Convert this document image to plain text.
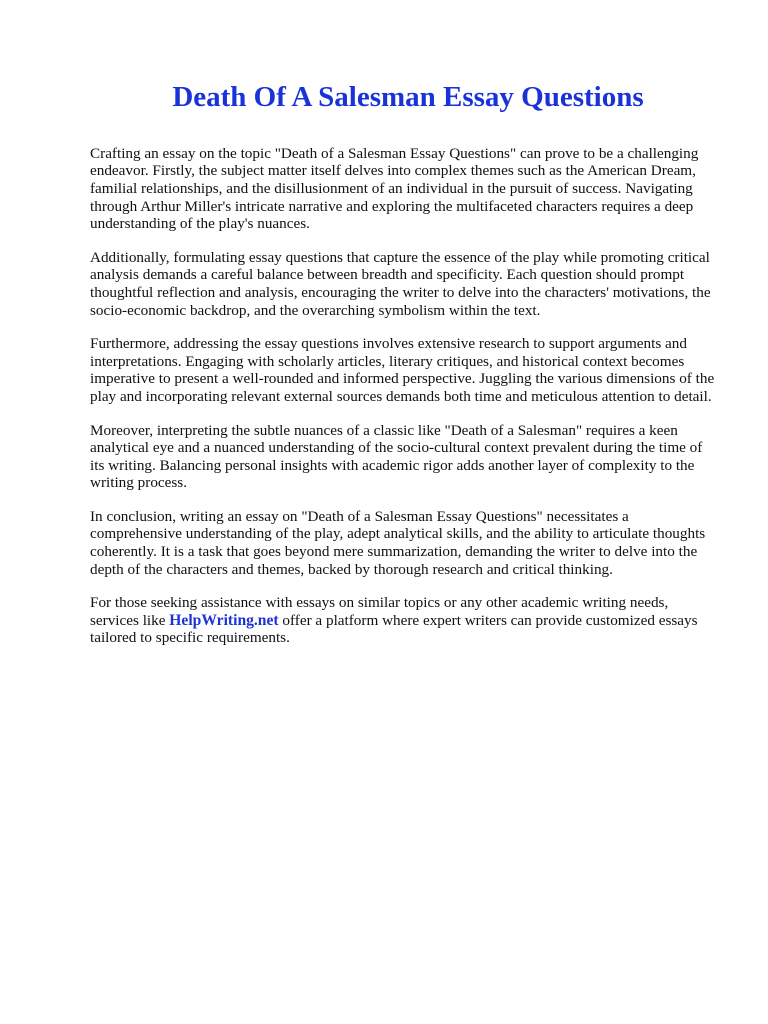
Death Of A Salesman Essay Questions

Crafting an essay on the topic "Death of a Salesman Essay Questions" can prove to be a challenging endeavor. Firstly, the subject matter itself delves into complex themes such as the American Dream, familial relationships, and the disillusionment of an individual in the pursuit of success. Navigating through Arthur Miller's intricate narrative and exploring the multifaceted characters requires a deep understanding of the play's nuances.

Additionally, formulating essay questions that capture the essence of the play while promoting critical analysis demands a careful balance between breadth and specificity. Each question should prompt thoughtful reflection and analysis, encouraging the writer to delve into the characters' motivations, the socio-economic backdrop, and the overarching symbolism within the text.

Furthermore, addressing the essay questions involves extensive research to support arguments and interpretations. Engaging with scholarly articles, literary critiques, and historical context becomes imperative to present a well-rounded and informed perspective. Juggling the various dimensions of the play and incorporating relevant external sources demands both time and meticulous attention to detail.

Moreover, interpreting the subtle nuances of a classic like "Death of a Salesman" requires a keen analytical eye and a nuanced understanding of the socio-cultural context prevalent during the time of its writing. Balancing personal insights with academic rigor adds another layer of complexity to the writing process.

In conclusion, writing an essay on "Death of a Salesman Essay Questions" necessitates a comprehensive understanding of the play, adept analytical skills, and the ability to articulate thoughts coherently. It is a task that goes beyond mere summarization, demanding the writer to delve into the depth of the characters and themes, backed by thorough research and critical thinking.

For those seeking assistance with essays on similar topics or any other academic writing needs, services like HelpWriting.net offer a platform where expert writers can provide customized essays tailored to specific requirements.
